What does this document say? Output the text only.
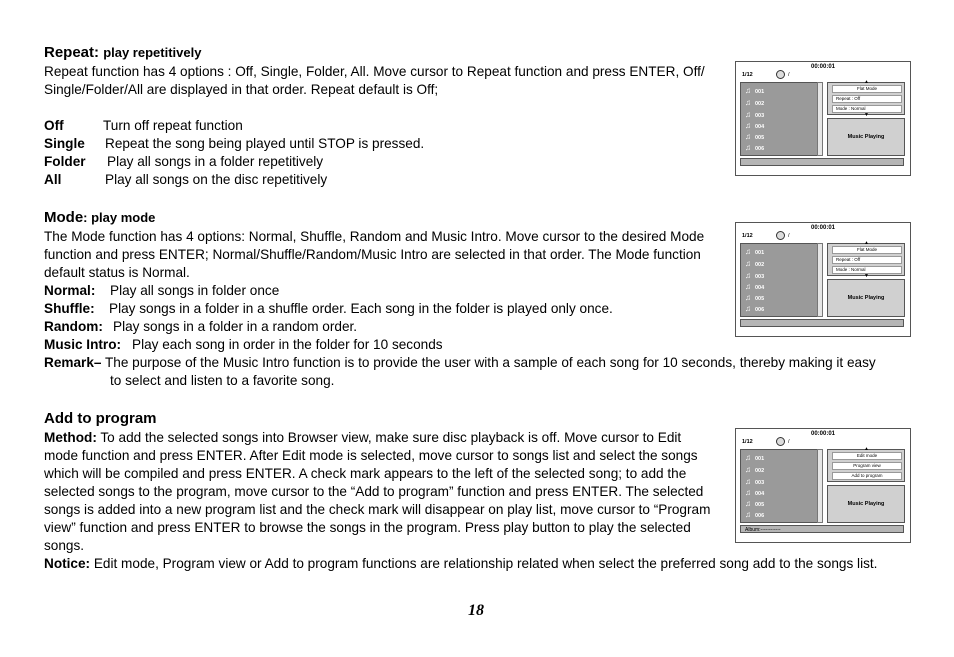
Repeat: play repetitively
Repeat function has 4 options : Off, Single, Folder, All. Move cursor to Repeat function and press ENTER, Off/
Single/Folder/All are displayed in that order. Repeat default is Off;
Off	Turn off repeat function
Single Repeat the song being played until STOP is pressed.
Folder Play all songs in a folder repetitively
All	Play all songs on the disc repetitively
Mode: play mode
The Mode function has 4 options: Normal, Shuffle, Random and Music Intro. Move cursor to the desired Mode
function and press ENTER; Normal/Shuffle/Random/Music Intro are selected in that order. The Mode function
default status is Normal.
Normal: Play all songs in folder once
Shuffle: Play songs in a folder in a shuffle order. Each song in the folder is played only once.
Random: Play songs in a folder in a random order.
Music Intro: Play each song in order in the folder for 10 seconds
Remark– The purpose of the Music Intro function is to provide the user with a sample of each song for 10 seconds, thereby making it easy
to select and listen to a favorite song.
Add to program
Method: To add the selected songs into Browser view, make sure disc playback is off. Move cursor to Edit
mode function and press ENTER. After Edit mode is selected, move cursor to songs list and select the songs
which will be compiled and press ENTER. A check mark appears to the left of the selected song; to add the
selected songs to the program, move cursor to the “Add to program” function and press ENTER. The selected
songs is added into a new program list and the check mark will disappear on play list, move cursor to “Program
view” function and press ENTER to browse the songs in the program. Press play button to play the selected
songs.
Notice: Edit mode, Program view or Add to program functions are relationship related when select the preferred song add to the songs list.
18
00:00:01
1/12	/
♫ 001
♫ 002
♫ 003
♫ 004
♫ 005
♫ 006
▲
Flat Mode
Repeat : Off
Mode : Normal
▼
Music Playing
00:00:01
1/12	/
♫ 001
♫ 002
♫ 003
♫ 004
♫ 005
♫ 006
▲
Flat Mode
Repeat : Off
Mode : Normal
▼
Music Playing
00:00:01
1/12	/
♫ 001
♫ 002
♫ 003
♫ 004
♫ 005
♫ 006
▲
Edit mode
Program view
Add to program
Music Playing
Album:------------
